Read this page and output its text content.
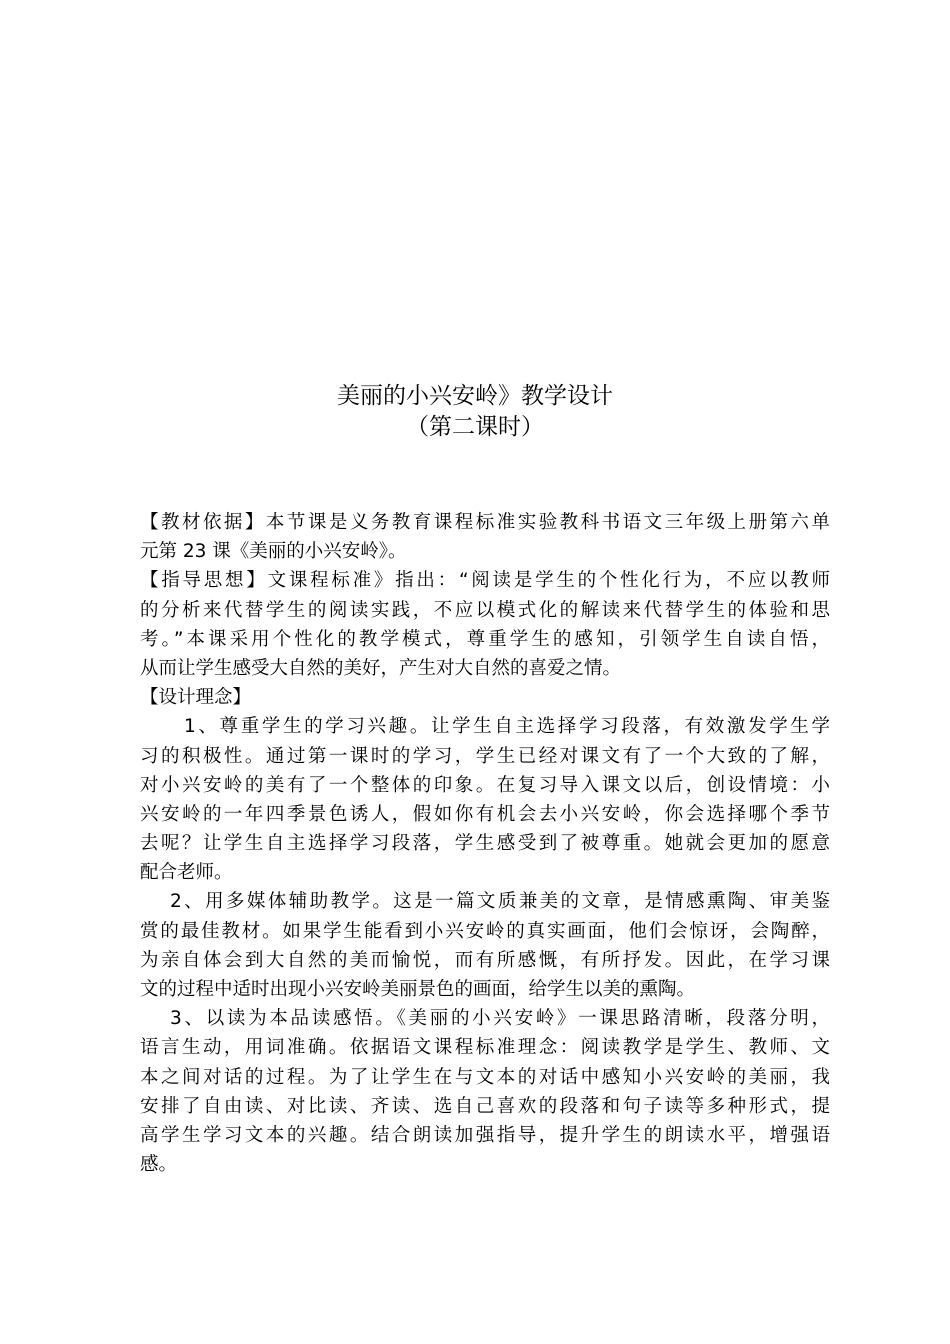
美丽的小兴安岭》教学设计
（第二课时）
【教材依据】本节课是义务教育课程标准实验教科书语文三年级上册第六单
元第 23 课《美丽的小兴安岭》。
【指导思想】文课程标准》指出：“阅读是学生的个性化行为，不应以教师
的分析来代替学生的阅读实践，不应以模式化的解读来代替学生的体验和思
考。”本课采用个性化的教学模式，尊重学生的感知，引领学生自读自悟，
从而让学生感受大自然的美好，产生对大自然的喜爱之情。
【设计理念】
1、尊重学生的学习兴趣。让学生自主选择学习段落，有效激发学生学
习的积极性。通过第一课时的学习，学生已经对课文有了一个大致的了解，
对小兴安岭的美有了一个整体的印象。在复习导入课文以后，创设情境：小
兴安岭的一年四季景色诱人，假如你有机会去小兴安岭，你会选择哪个季节
去呢？让学生自主选择学习段落，学生感受到了被尊重。她就会更加的愿意
配合老师。
2、用多媒体辅助教学。这是一篇文质兼美的文章，是情感熏陶、审美鉴
赏的最佳教材。如果学生能看到小兴安岭的真实画面，他们会惊讶，会陶醉，
为亲自体会到大自然的美而愉悦，而有所感慨，有所抒发。因此，在学习课
文的过程中适时出现小兴安岭美丽景色的画面，给学生以美的熏陶。
3、以读为本品读感悟。《美丽的小兴安岭》一课思路清晰，段落分明，
语言生动，用词准确。依据语文课程标准理念：阅读教学是学生、教师、文
本之间对话的过程。为了让学生在与文本的对话中感知小兴安岭的美丽，我
安排了自由读、对比读、齐读、选自己喜欢的段落和句子读等多种形式，提
高学生学习文本的兴趣。结合朗读加强指导，提升学生的朗读水平，增强语
感。
